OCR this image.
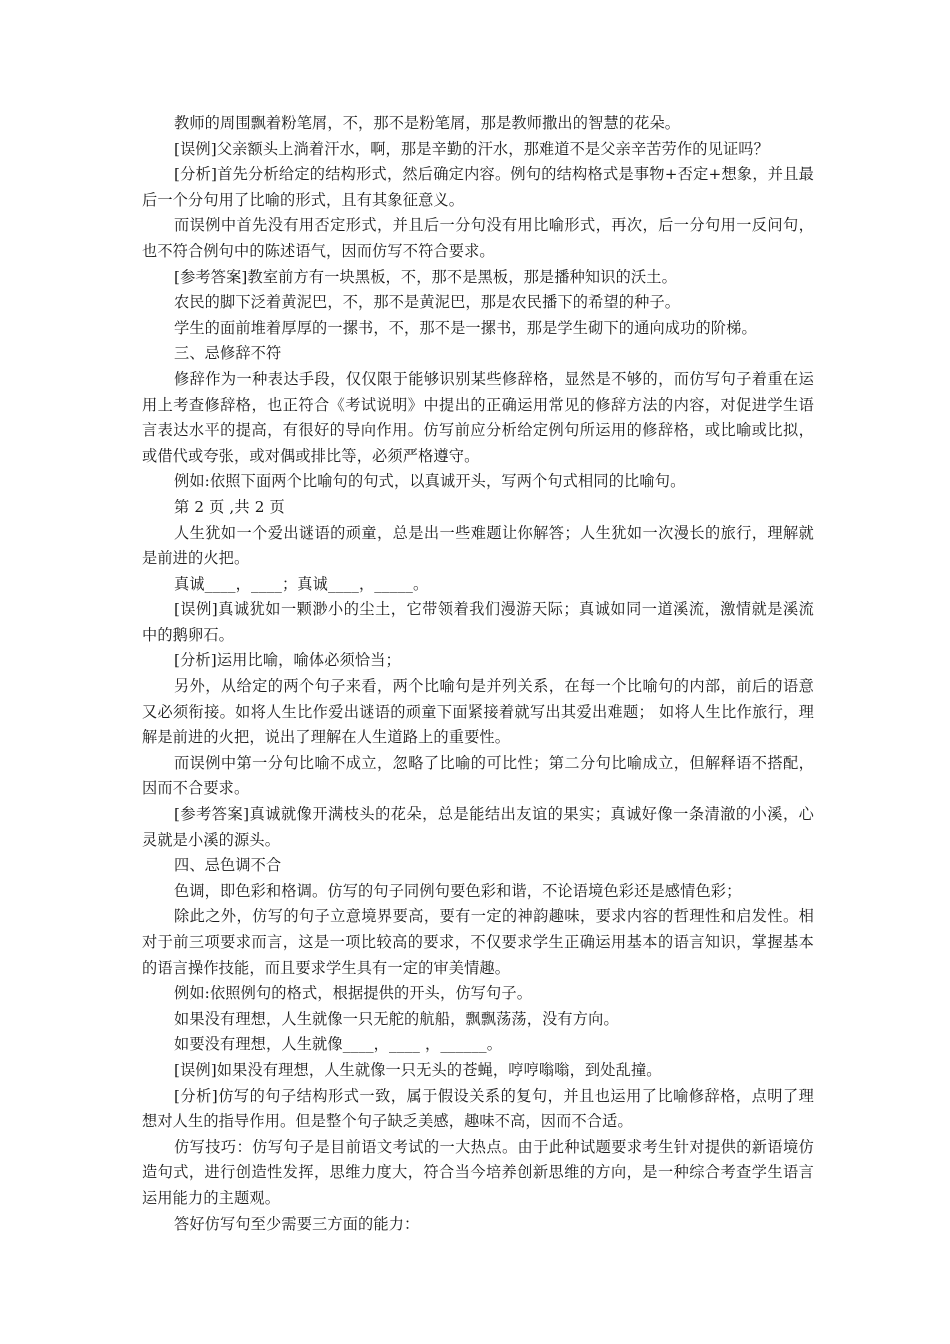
教师的周围飘着粉笔屑，不，那不是粉笔屑，那是教师撒出的智慧的花朵。

[误例]父亲额头上淌着汗水，啊，那是辛勤的汗水，那难道不是父亲辛苦劳作的见证吗？

[分析]首先分析给定的结构形式，然后确定内容。例句的结构格式是事物+否定+想象，并且最后一个分句用了比喻的形式，且有其象征意义。

而误例中首先没有用否定形式，并且后一分句没有用比喻形式，再次，后一分句用一反问句，也不符合例句中的陈述语气，因而仿写不符合要求。

[参考答案]教室前方有一块黑板，不，那不是黑板，那是播种知识的沃土。

农民的脚下泛着黄泥巴，不，那不是黄泥巴，那是农民播下的希望的种子。

学生的面前堆着厚厚的一摞书，不，那不是一摞书，那是学生砌下的通向成功的阶梯。

三、忌修辞不符

修辞作为一种表达手段，仅仅限于能够识别某些修辞格，显然是不够的，而仿写句子着重在运用上考查修辞格，也正符合《考试说明》中提出的正确运用常见的修辞方法的内容，对促进学生语言表达水平的提高，有很好的导向作用。仿写前应分析给定例句所运用的修辞格，或比喻或比拟，或借代或夸张，或对偶或排比等，必须严格遵守。

例如:依照下面两个比喻句的句式，以真诚开头，写两个句式相同的比喻句。

第 2 页 ,共 2 页

人生犹如一个爱出谜语的顽童，总是出一些难题让你解答；人生犹如一次漫长的旅行，理解就是前进的火把。

真诚____，____；真诚____，_____。

[误例]真诚犹如一颗渺小的尘土，它带领着我们漫游天际；真诚如同一道溪流，激情就是溪流中的鹅卵石。

[分析]运用比喻，喻体必须恰当；

另外，从给定的两个句子来看，两个比喻句是并列关系，在每一个比喻句的内部，前后的语意又必须衔接。如将人生比作爱出谜语的顽童下面紧接着就写出其爱出难题； 如将人生比作旅行，理解是前进的火把，说出了理解在人生道路上的重要性。

而误例中第一分句比喻不成立，忽略了比喻的可比性；第二分句比喻成立，但解释语不搭配，因而不合要求。

[参考答案]真诚就像开满枝头的花朵，总是能结出友谊的果实；真诚好像一条清澈的小溪，心灵就是小溪的源头。

四、忌色调不合

色调，即色彩和格调。仿写的句子同例句要色彩和谐，不论语境色彩还是感情色彩；

除此之外，仿写的句子立意境界要高，要有一定的神韵趣味，要求内容的哲理性和启发性。相对于前三项要求而言，这是一项比较高的要求，不仅要求学生正确运用基本的语言知识，掌握基本的语言操作技能，而且要求学生具有一定的审美情趣。

例如:依照例句的格式，根据提供的开头，仿写句子。

如果没有理想，人生就像一只无舵的航船，飘飘荡荡，没有方向。

如要没有理想，人生就像____，____ ，______。

[误例]如果没有理想，人生就像一只无头的苍蝇，哼哼嗡嗡，到处乱撞。

[分析]仿写的句子结构形式一致，属于假设关系的复句，并且也运用了比喻修辞格，点明了理想对人生的指导作用。但是整个句子缺乏美感，趣味不高，因而不合适。

仿写技巧：仿写句子是目前语文考试的一大热点。由于此种试题要求考生针对提供的新语境仿造句式，进行创造性发挥，思维力度大，符合当今培养创新思维的方向，是一种综合考查学生语言运用能力的主题观。

答好仿写句至少需要三方面的能力：
